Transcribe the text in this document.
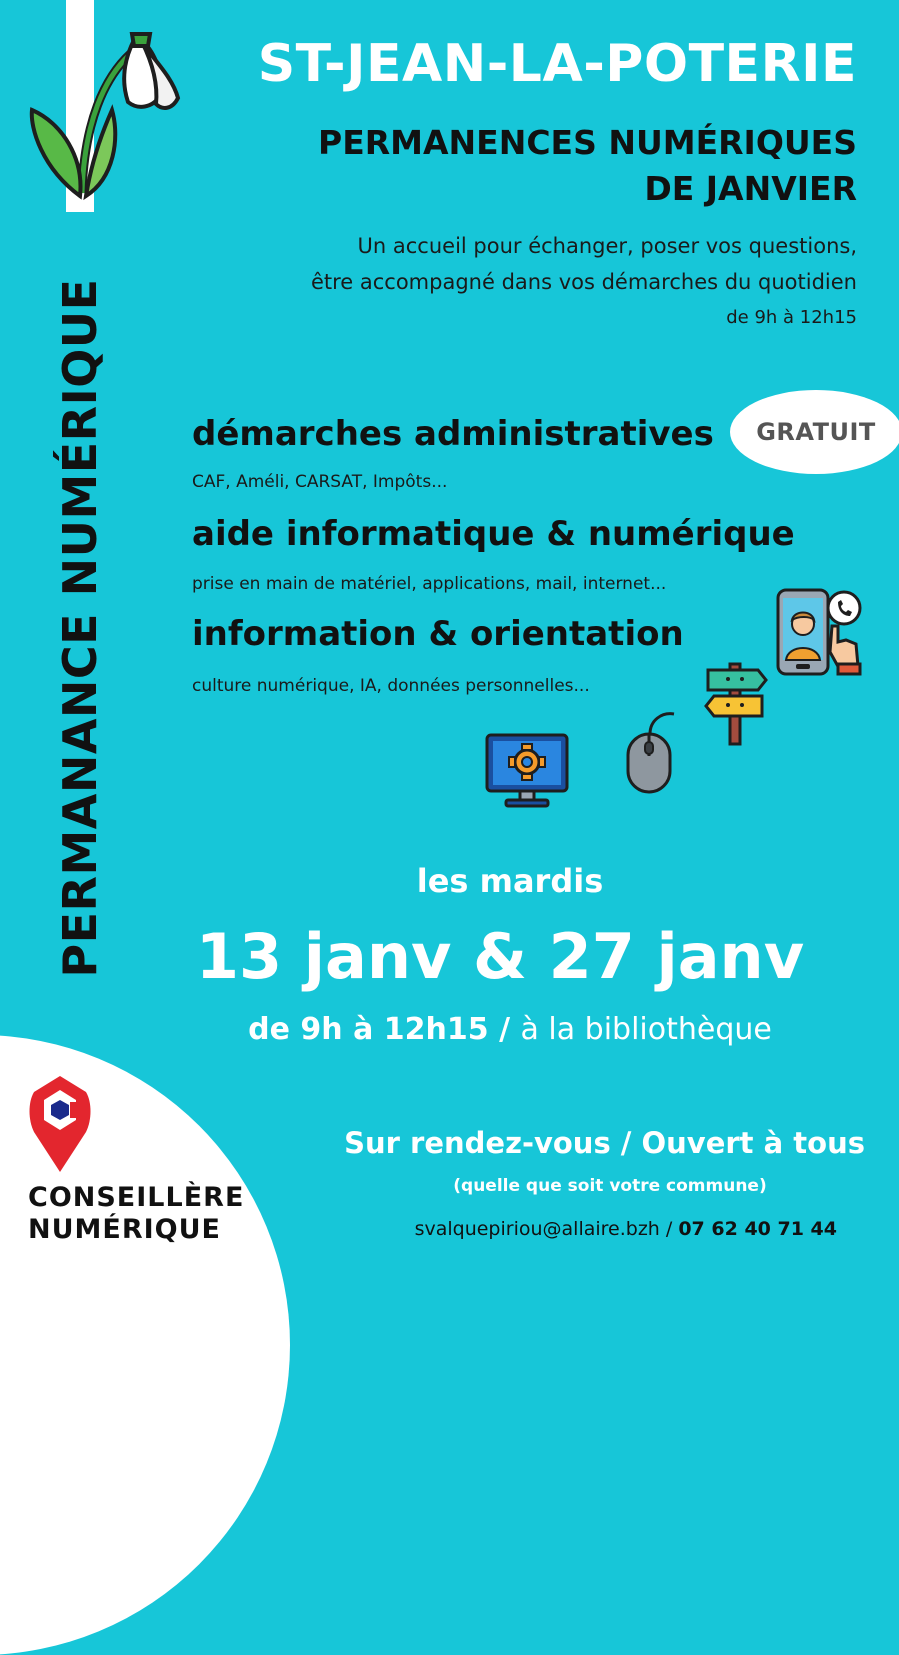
PERMANANCE NUMÉRIQUE
ST-JEAN-LA-POTERIE
PERMANENCES NUMÉRIQUES
DE JANVIER
Un accueil pour échanger, poser vos questions,
être accompagné dans vos démarches du quotidien
de 9h à 12h15
GRATUIT
démarches administratives
CAF, Améli, CARSAT, Impôts...
aide informatique & numérique
prise en main de matériel, applications, mail, internet...
information & orientation
culture numérique, IA, données personnelles...
les mardis
13 janv & 27 janv
de 9h à 12h15 / à la bibliothèque
CONSEILLÈRE
NUMÉRIQUE
Sur rendez-vous / Ouvert à tous
(quelle que soit votre commune)
svalquepiriou@allaire.bzh / 07 62 40 71 44
